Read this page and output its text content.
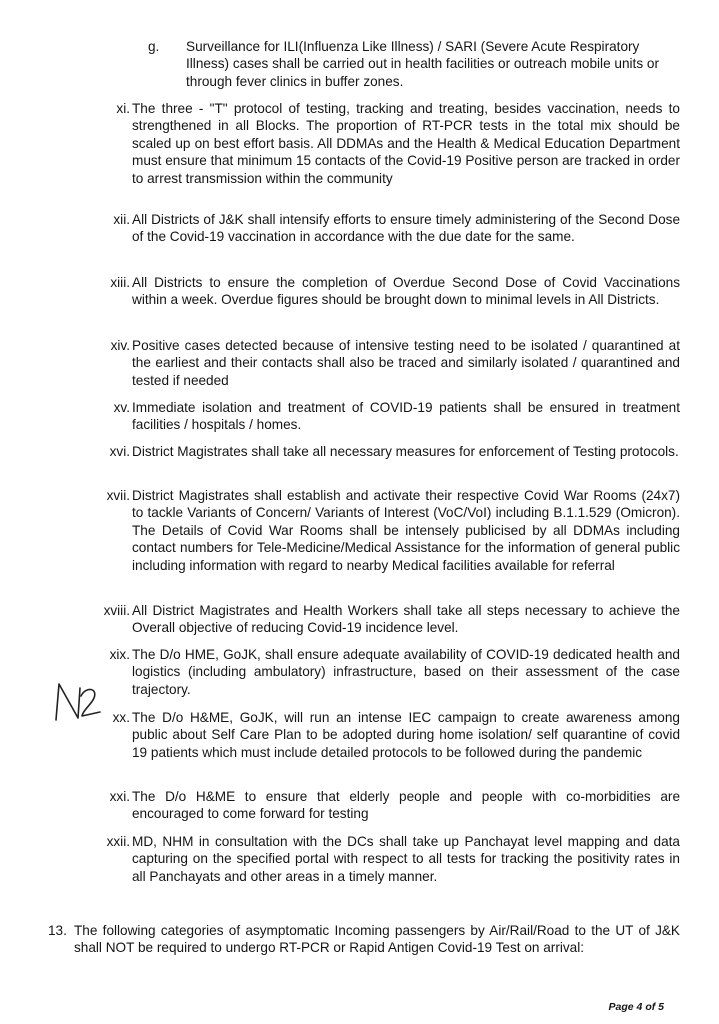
g.	Surveillance for ILI(Influenza Like Illness) / SARI (Severe Acute Respiratory Illness) cases shall be carried out in health facilities or outreach mobile units or through fever clinics in buffer zones.
xi. The three - "T" protocol of testing, tracking and treating, besides vaccination, needs to strengthened in all Blocks. The proportion of RT-PCR tests in the total mix should be scaled up on best effort basis. All DDMAs and the Health & Medical Education Department must ensure that minimum 15 contacts of the Covid-19 Positive person are tracked in order to arrest transmission within the community
xii. All Districts of J&K shall intensify efforts to ensure timely administering of the Second Dose of the Covid-19 vaccination in accordance with the due date for the same.
xiii. All Districts to ensure the completion of Overdue Second Dose of Covid Vaccinations within a week. Overdue figures should be brought down to minimal levels in All Districts.
xiv. Positive cases detected because of intensive testing need to be isolated / quarantined at the earliest and their contacts shall also be traced and similarly isolated / quarantined and tested if needed
xv. Immediate isolation and treatment of COVID-19 patients shall be ensured in treatment facilities / hospitals / homes.
xvi. District Magistrates shall take all necessary measures for enforcement of Testing protocols.
xvii. District Magistrates shall establish and activate their respective Covid War Rooms (24x7) to tackle Variants of Concern/ Variants of Interest (VoC/VoI) including B.1.1.529 (Omicron). The Details of Covid War Rooms shall be intensely publicised by all DDMAs including contact numbers for Tele-Medicine/Medical Assistance for the information of general public including information with regard to nearby Medical facilities available for referral
xviii. All District Magistrates and Health Workers shall take all steps necessary to achieve the Overall objective of reducing Covid-19 incidence level.
xix. The D/o HME, GoJK, shall ensure adequate availability of COVID-19 dedicated health and logistics (including ambulatory) infrastructure, based on their assessment of the case trajectory.
xx. The D/o H&ME, GoJK, will run an intense IEC campaign to create awareness among public about Self Care Plan to be adopted during home isolation/ self quarantine of covid 19 patients which must include detailed protocols to be followed during the pandemic
xxi. The D/o H&ME to ensure that elderly people and people with co-morbidities are encouraged to come forward for testing
xxii. MD, NHM in consultation with the DCs shall take up Panchayat level mapping and data capturing on the specified portal with respect to all tests for tracking the positivity rates in all Panchayats and other areas in a timely manner.
13. The following categories of asymptomatic Incoming passengers by Air/Rail/Road to the UT of J&K shall NOT be required to undergo RT-PCR or Rapid Antigen Covid-19 Test on arrival:
Page 4 of 5
